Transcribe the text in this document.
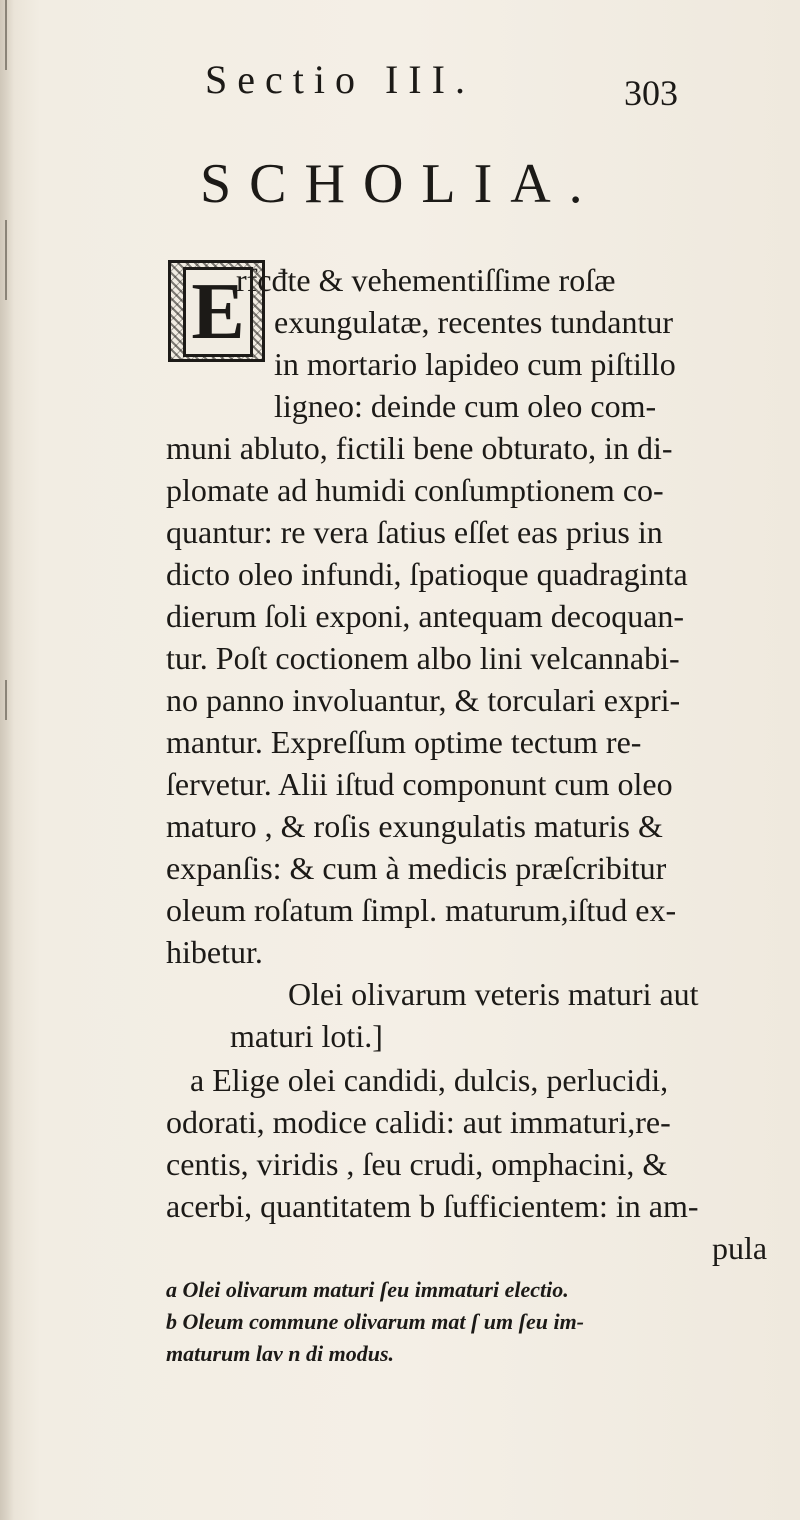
Sectio III.	303
SCHOLIA.
E
rfcđte & vehementiſſime roſæ
exungulatæ, recentes tundantur
in mortario lapideo cum piſtillo
ligneo: deinde cum oleo com-
muni abluto, fictili bene obturato, in di-
plomate ad humidi conſumptionem co-
quantur: re vera ſatius eſſet eas prius in
dicto oleo infundi, ſpatioque quadraginta
dierum ſoli exponi, antequam decoquan-
tur. Poſt coctionem albo lini velcannabi-
no panno involuantur, & torculari expri-
mantur. Expreſſum optime tectum re-
ſervetur. Alii iſtud componunt cum oleo
maturo , & roſis exungulatis maturis &
expanſis: & cum à medicis præſcribitur
oleum roſatum ſimpl. maturum,iſtud ex-
hibetur.
Olei olivarum veteris maturi aut
maturi loti.]
a Elige olei candidi, dulcis, perlucidi,
odorati, modice calidi: aut immaturi,re-
centis, viridis , ſeu crudi, omphacini, &
acerbi, quantitatem b ſufficientem: in am-
pula
a Olei olivarum maturi ſeu immaturi electio.
b Oleum commune olivarum mat ſ um ſeu im-
maturum lav n di modus.
